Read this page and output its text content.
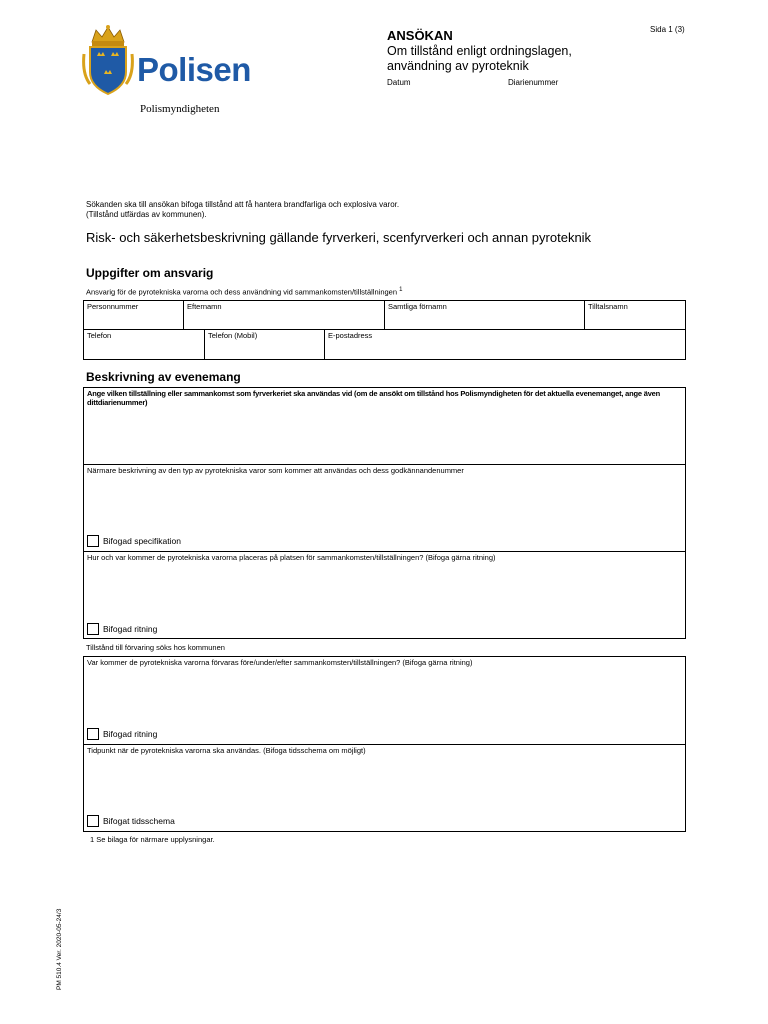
Polisen
Polismyndigheten
ANSÖKAN
Om tillstånd enligt ordningslagen,
användning av pyroteknik
Datum	Diarienummer
Sida 1 (3)
Sökanden ska till ansökan bifoga tillstånd att få hantera brandfarliga och explosiva varor.
(Tillstånd utfärdas av kommunen).
Risk- och säkerhetsbeskrivning gällande fyrverkeri, scenfyrverkeri och annan pyroteknik
Uppgifter om ansvarig
Ansvarig för de pyrotekniska varorna och dess användning vid sammankomsten/tillställningen $^1$
Personnummer	Efternamn	Samtliga förnamn	Tilltalsnamn
Telefon	Telefon (Mobil)	E-postadress
Beskrivning av evenemang
Ange vilken tillställning eller sammankomst som fyrverkeriet ska användas vid (om de ansökt om tillstånd hos Polismyndigheten för det aktuella evenemanget, ange även dittdiarienummer)
Närmare beskrivning av den typ av pyrotekniska varor som kommer att användas och dess godkännandenummer
Bifogad specifikation
Hur och var kommer de pyrotekniska varorna placeras på platsen för sammankomsten/tillställningen? (Bifoga gärna ritning)
Bifogad ritning
Tillstånd till förvaring söks hos kommunen
Var kommer de pyrotekniska varorna förvaras före/under/efter sammankomsten/tillställningen? (Bifoga gärna ritning)
Bifogad ritning
Tidpunkt när de pyrotekniska varorna ska användas. (Bifoga tidsschema om möjligt)
Bifogat tidsschema
1 Se bilaga för närmare upplysningar.
PM 510.4 Ver. 2020-05-24/3
